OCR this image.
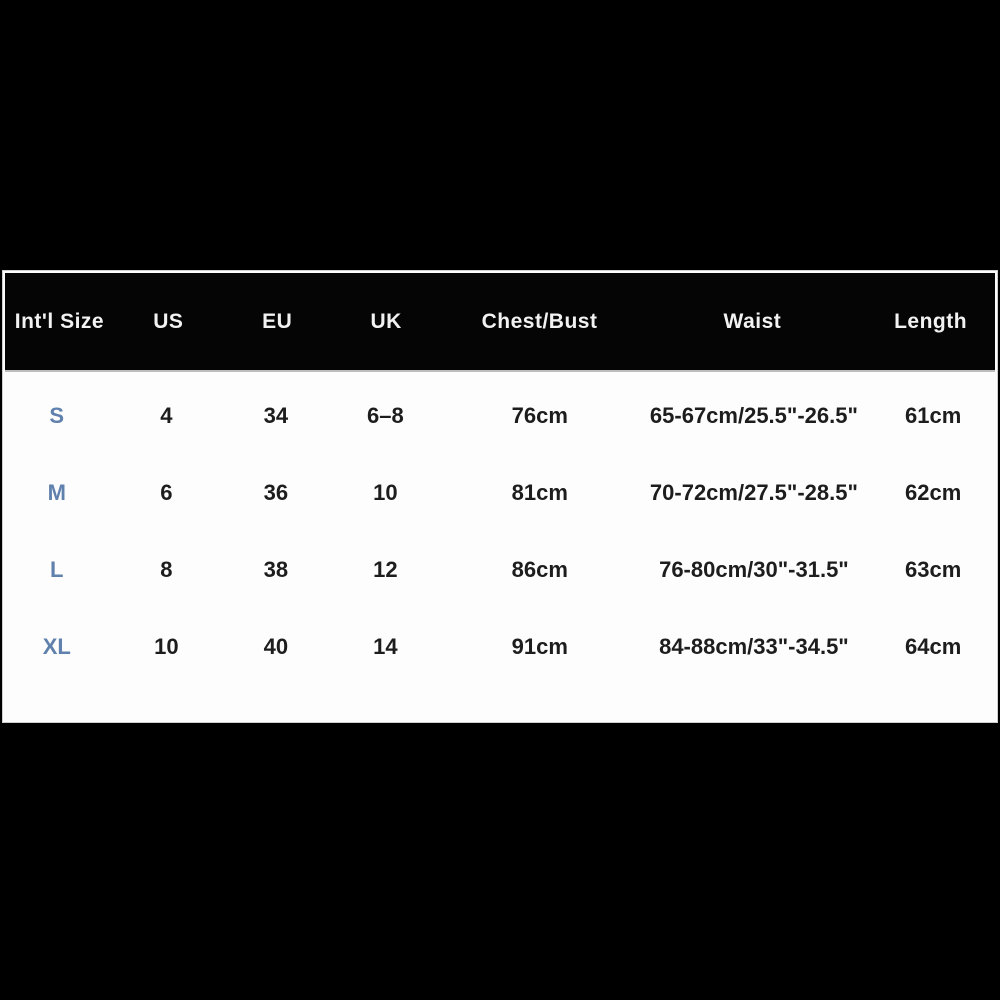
Int'l Size	US	EU	UK	Chest/Bust	Waist	Length
S	4	34	6–8	76cm	65-67cm/25.5"-26.5"	61cm
M	6	36	10	81cm	70-72cm/27.5"-28.5"	62cm
L	8	38	12	86cm	76-80cm/30"-31.5"	63cm
XL	10	40	14	91cm	84-88cm/33"-34.5"	64cm
